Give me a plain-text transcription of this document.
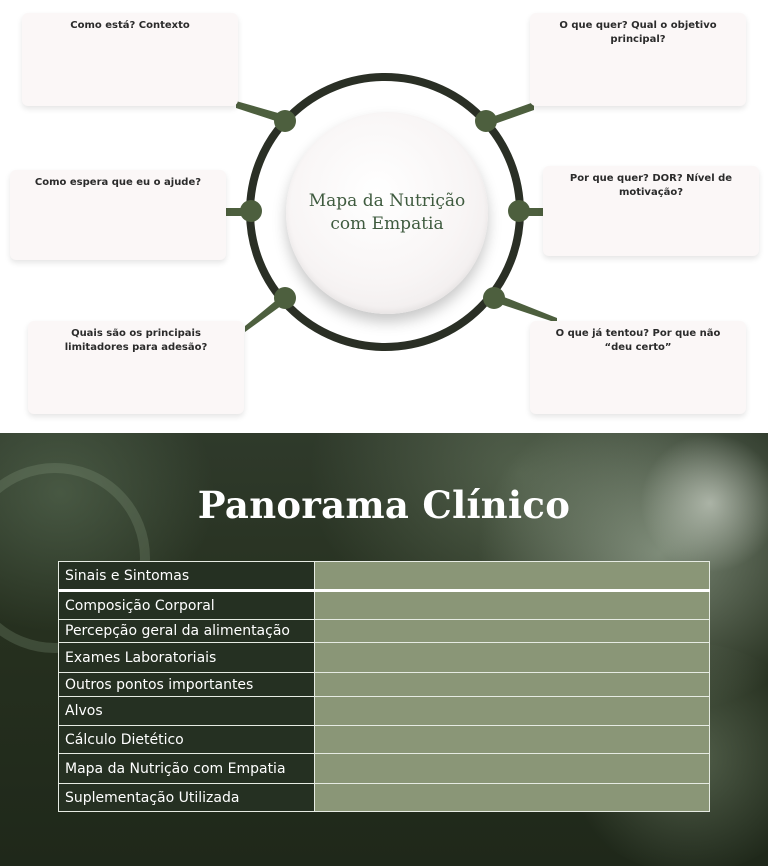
Mapa da Nutrição com Empatia
Como está? Contexto	O que quer? Qual o objetivo principal?
Como espera que eu o ajude?	Por que quer? DOR? Nível de motivação?
Quais são os principais limitadores para adesão?
O que já tentou? Por que não “deu certo”
Panorama Clínico
Sinais e Sintomas	
Composição Corporal	
Percepção geral da alimentação	
Exames Laboratoriais	
Outros pontos importantes	
Alvos	
Cálculo Dietético	
Mapa da Nutrição com Empatia	
Suplementação Utilizada	
